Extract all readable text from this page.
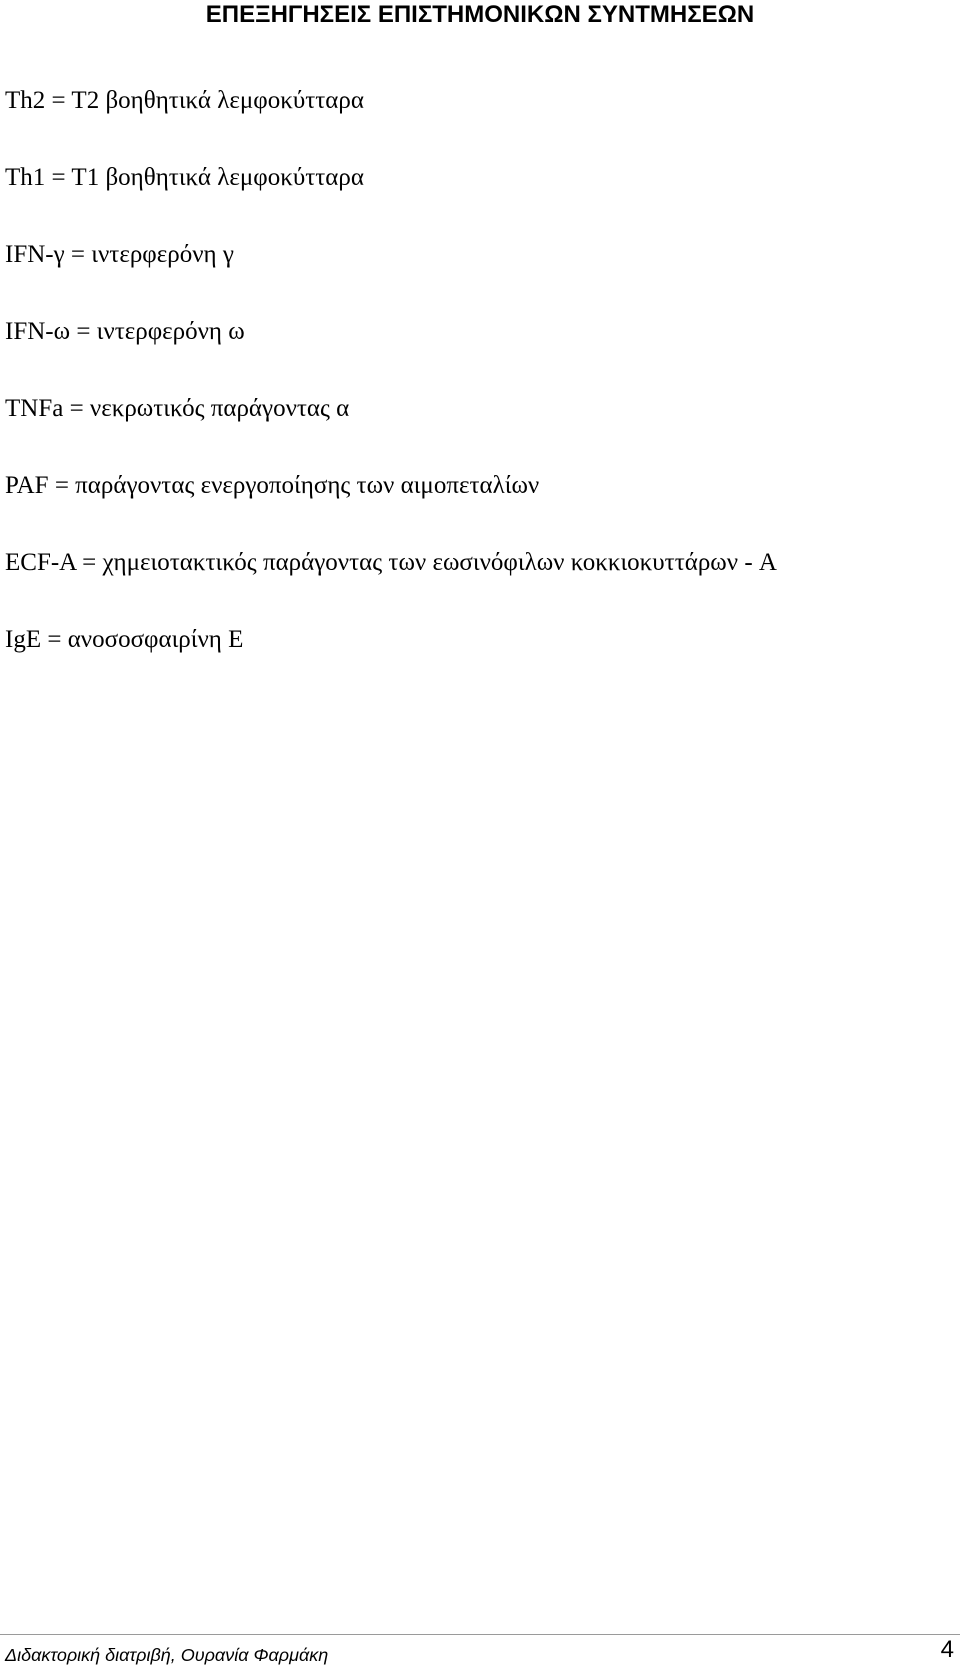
ΕΠΕΞΗΓΗΣΕΙΣ ΕΠΙΣΤΗΜΟΝΙΚΩΝ ΣΥΝΤΜΗΣΕΩΝ
Th2 = T2 βοηθητικά λεμφοκύτταρα
Th1 = T1 βοηθητικά λεμφοκύτταρα
IFN-γ = ιντερφερόνη γ
IFN-ω = ιντερφερόνη ω
TNFa = νεκρωτικός παράγοντας α
PAF = παράγοντας ενεργοποίησης των αιμοπεταλίων
ECF-A = χημειοτακτικός παράγοντας των εωσινόφιλων κοκκιοκυττάρων - A
IgE = ανοσοσφαιρίνη E
Διδακτορική διατριβή, Ουρανία Φαρμάκη	4
